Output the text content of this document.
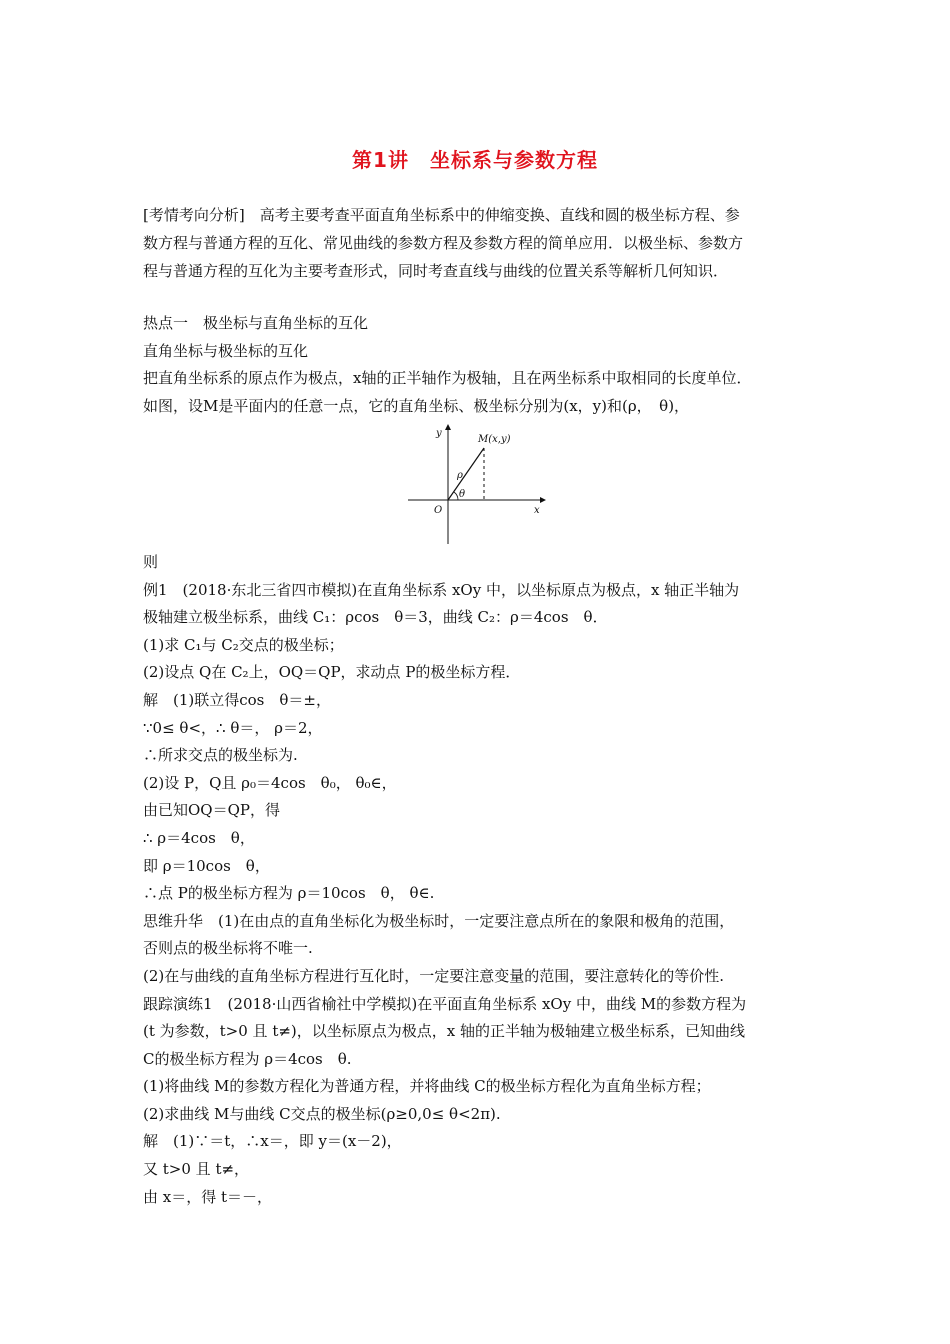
第1讲　坐标系与参数方程
[考情考向分析]　高考主要考查平面直角坐标系中的伸缩变换、直线和圆的极坐标方程、参
数方程与普通方程的互化、常见曲线的参数方程及参数方程的简单应用．以极坐标、参数方
程与普通方程的互化为主要考查形式，同时考查直线与曲线的位置关系等解析几何知识．
热点一　极坐标与直角坐标的互化
直角坐标与极坐标的互化
把直角坐标系的原点作为极点，x轴的正半轴作为极轴，且在两坐标系中取相同的长度单位．
如图，设M是平面内的任意一点，它的直角坐标、极坐标分别为(x，y)和(ρ，　θ)，
y
x
O
M(x,y)
ρ
θ
则
例1　(2018·东北三省四市模拟)在直角坐标系 xOy 中，以坐标原点为极点，x 轴正半轴为
极轴建立极坐标系，曲线 C₁：ρcos　θ＝3，曲线 C₂：ρ＝4cos　θ．
(1)求 C₁与 C₂交点的极坐标；
(2)设点 Q在 C₂上，OQ＝QP，求动点 P的极坐标方程．
解　(1)联立得cos　θ＝±，
∵0≤ θ<，∴ θ＝， ρ＝2，
∴所求交点的极坐标为.
(2)设 P，Q且 ρ₀＝4cos　θ₀， θ₀∈，
由已知OQ＝QP，得
∴ ρ＝4cos　θ，
即 ρ＝10cos　θ，
∴点 P的极坐标方程为 ρ＝10cos　θ， θ∈.
思维升华　(1)在由点的直角坐标化为极坐标时，一定要注意点所在的象限和极角的范围，
否则点的极坐标将不唯一.
(2)在与曲线的直角坐标方程进行互化时，一定要注意变量的范围，要注意转化的等价性.
跟踪演练1　(2018·山西省榆社中学模拟)在平面直角坐标系 xOy 中，曲线 M的参数方程为
(t 为参数，t>0 且 t≠)，以坐标原点为极点，x 轴的正半轴为极轴建立极坐标系，已知曲线
C的极坐标方程为 ρ＝4cos　θ.
(1)将曲线 M的参数方程化为普通方程，并将曲线 C的极坐标方程化为直角坐标方程；
(2)求曲线 M与曲线 C交点的极坐标(ρ≥0,0≤ θ<2π).
解　(1)∵＝t，∴x＝，即 y＝(x－2)，
又 t>0 且 t≠，
由 x＝，得 t＝－，
